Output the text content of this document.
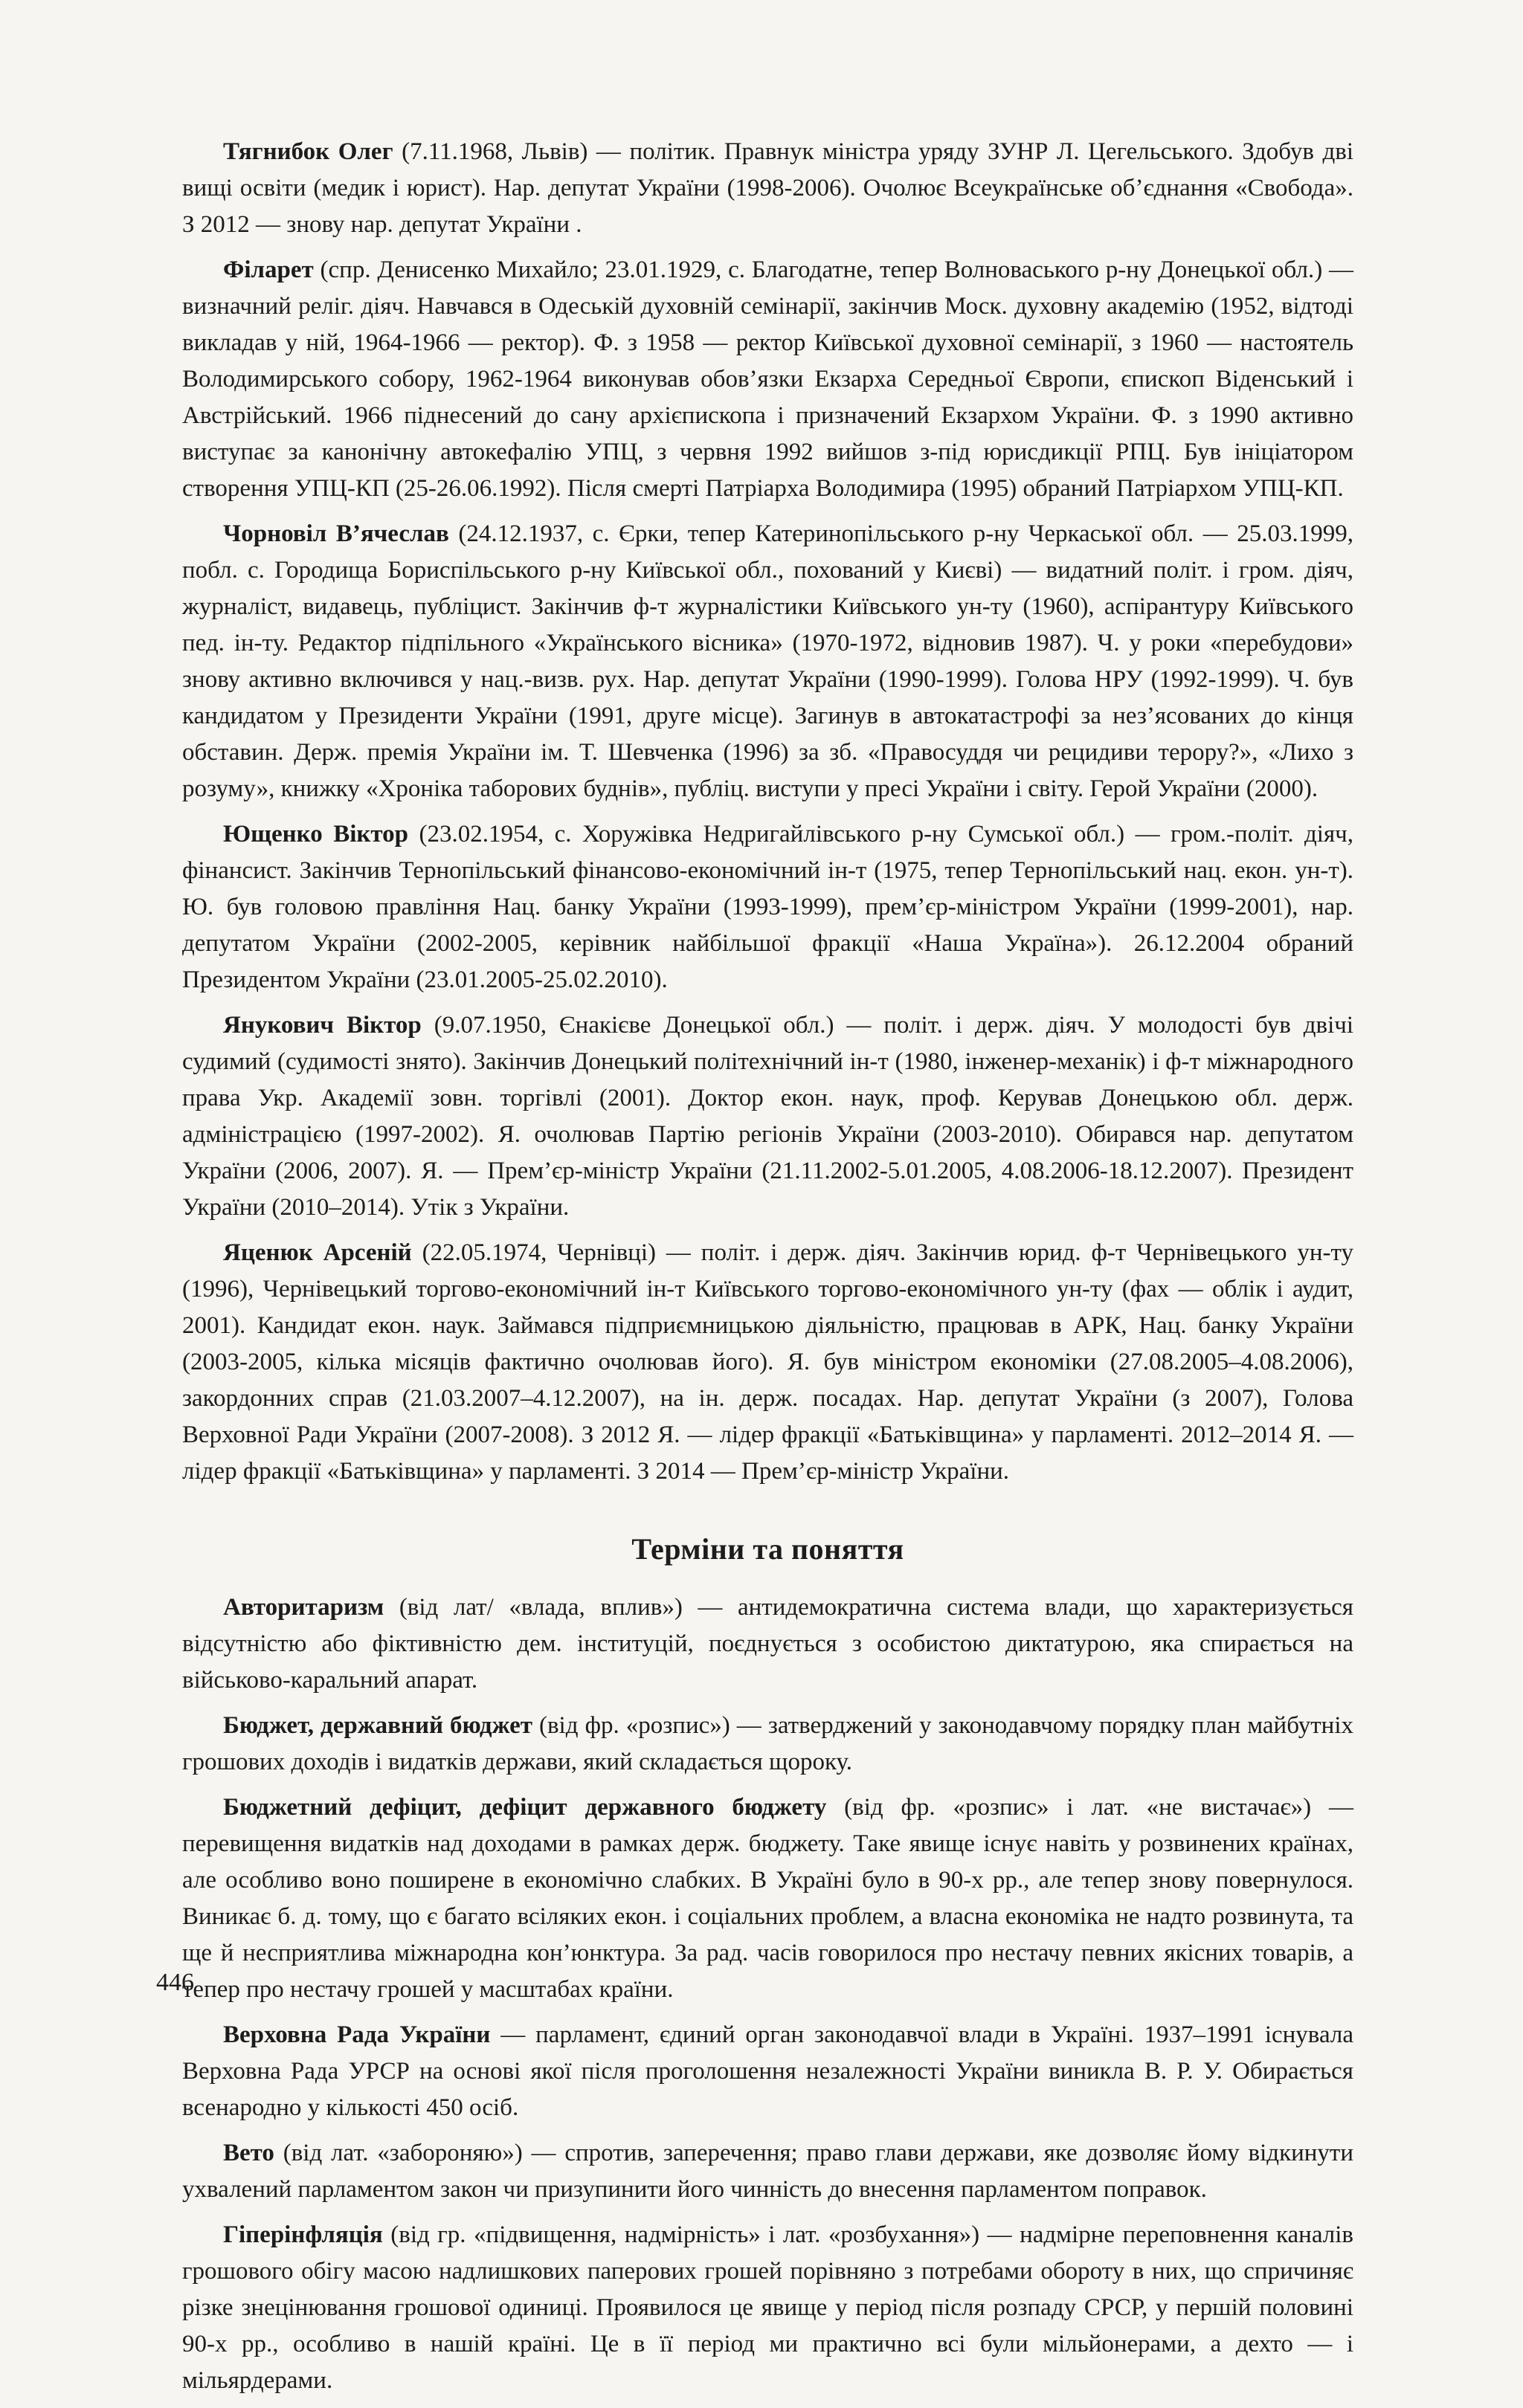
Тягнибок Олег (7.11.1968, Львів) — політик. Правнук міністра уряду ЗУНР Л. Цегельського. Здобув дві вищі освіти (медик і юрист). Нар. депутат України (1998-2006). Очолює Всеукраїнське об’єднання «Свобода». З 2012 — знову нар. депутат України .

Філарет (спр. Денисенко Михайло; 23.01.1929, с. Благодатне, тепер Волноваського р-ну Донецької обл.) — визначний реліг. діяч. Навчався в Одеській духовній семінарії, закінчив Моск. духовну академію (1952, відтоді викладав у ній, 1964-1966 — ректор). Ф. з 1958 — ректор Київської духовної семінарії, з 1960 — настоятель Володимирського собору, 1962-1964 виконував обов’язки Екзарха Середньої Європи, єпископ Віденський і Австрійський. 1966 піднесений до сану архієпископа і призначений Екзархом України. Ф. з 1990 активно виступає за канонічну автокефалію УПЦ, з червня 1992 вийшов з-під юрисдикції РПЦ. Був ініціатором створення УПЦ-КП (25-26.06.1992). Після смерті Патріарха Володимира (1995) обраний Патріархом УПЦ-КП.

Чорновіл В’ячеслав (24.12.1937, с. Єрки, тепер Катеринопільського р-ну Черкаської обл. — 25.03.1999, побл. с. Городища Бориспільського р-ну Київської обл., похований у Києві) — видатний політ. і гром. діяч, журналіст, видавець, публіцист. Закінчив ф-т журналістики Київського ун-ту (1960), аспірантуру Київського пед. ін-ту. Редактор підпільного «Українського вісника» (1970-1972, відновив 1987). Ч. у роки «перебудови» знову активно включився у нац.-визв. рух. Нар. депутат України (1990-1999). Голова НРУ (1992-1999). Ч. був кандидатом у Президенти України (1991, друге місце). Загинув в автокатастрофі за нез’ясованих до кінця обставин. Держ. премія України ім. Т. Шевченка (1996) за зб. «Правосуддя чи рецидиви терору?», «Лихо з розуму», книжку «Хроніка таборових буднів», публіц. виступи у пресі України і світу. Герой України (2000).

Ющенко Віктор (23.02.1954, с. Хоружівка Недригайлівського р-ну Сумської обл.) — гром.-політ. діяч, фінансист. Закінчив Тернопільський фінансово-економічний ін-т (1975, тепер Тернопільський нац. екон. ун-т). Ю. був головою правління Нац. банку України (1993-1999), прем’єр-міністром України (1999-2001), нар. депутатом України (2002-2005, керівник найбільшої фракції «Наша Україна»). 26.12.2004 обраний Президентом України (23.01.2005-25.02.2010).

Янукович Віктор (9.07.1950, Єнакієве Донецької обл.) — політ. і держ. діяч. У молодості був двічі судимий (судимості знято). Закінчив Донецький політехнічний ін-т (1980, інженер-механік) і ф-т міжнародного права Укр. Академії зовн. торгівлі (2001). Доктор екон. наук, проф. Керував Донецькою обл. держ. адміністрацією (1997-2002). Я. очолював Партію регіонів України (2003-2010). Обирався нар. депутатом України (2006, 2007). Я. — Прем’єр-міністр України (21.11.2002-5.01.2005, 4.08.2006-18.12.2007). Президент України (2010–2014). Утік з України.

Яценюк Арсеній (22.05.1974, Чернівці) — політ. і держ. діяч. Закінчив юрид. ф-т Чернівецького ун-ту (1996), Чернівецький торгово-економічний ін-т Київського торгово-економічного ун-ту (фах — облік і аудит, 2001). Кандидат екон. наук. Займався підприємницькою діяльністю, працював в АРК, Нац. банку України (2003-2005, кілька місяців фактично очолював його). Я. був міністром економіки (27.08.2005–4.08.2006), закордонних справ (21.03.2007–4.12.2007), на ін. держ. посадах. Нар. депутат України (з 2007), Голова Верховної Ради України (2007-2008). З 2012 Я. — лідер фракції «Батьківщина» у парламенті. 2012–2014 Я. — лідер фракції «Батьківщина» у парламенті. З 2014 — Прем’єр-міністр України.

Терміни та поняття

Авторитаризм (від лат/ «влада, вплив») — антидемократична система влади, що характеризується відсутністю або фіктивністю дем. інституцій, поєднується з особистою диктатурою, яка спирається на військово-каральний апарат.

Бюджет, державний бюджет (від фр. «розпис») — затверджений у законодавчому порядку план майбутніх грошових доходів і видатків держави, який складається щороку.

Бюджетний дефіцит, дефіцит державного бюджету (від фр. «розпис» і лат. «не вистачає») — перевищення видатків над доходами в рамках держ. бюджету. Таке явище існує навіть у розвинених країнах, але особливо воно поширене в економічно слабких. В Україні було в 90-х рр., але тепер знову повернулося. Виникає б. д. тому, що є багато всіляких екон. і соціальних проблем, а власна економіка не надто розвинута, та ще й несприятлива міжнародна кон’юнктура. За рад. часів говорилося про нестачу певних якісних товарів, а тепер про нестачу грошей у масштабах країни.

Верховна Рада України — парламент, єдиний орган законодавчої влади в Україні. 1937–1991 існувала Верховна Рада УРСР на основі якої після проголошення незалежності України виникла В. Р. У. Обирається всенародно у кількості 450 осіб.

Вето (від лат. «забороняю») — спротив, заперечення; право глави держави, яке дозволяє йому відкинути ухвалений парламентом закон чи призупинити його чинність до внесення парламентом поправок.

Гіперінфляція (від гр. «підвищення, надмірність» і лат. «розбухання») — надмірне переповнення каналів грошового обігу масою надлишкових паперових грошей порівняно з потребами обороту в них, що спричиняє різке знецінювання грошової одиниці. Проявилося це явище у період після розпаду СРСР, у першій половині 90-х рр., особливо в нашій країні. Це в її період ми практично всі були мільйонерами, а дехто — і мільярдерами.

446
